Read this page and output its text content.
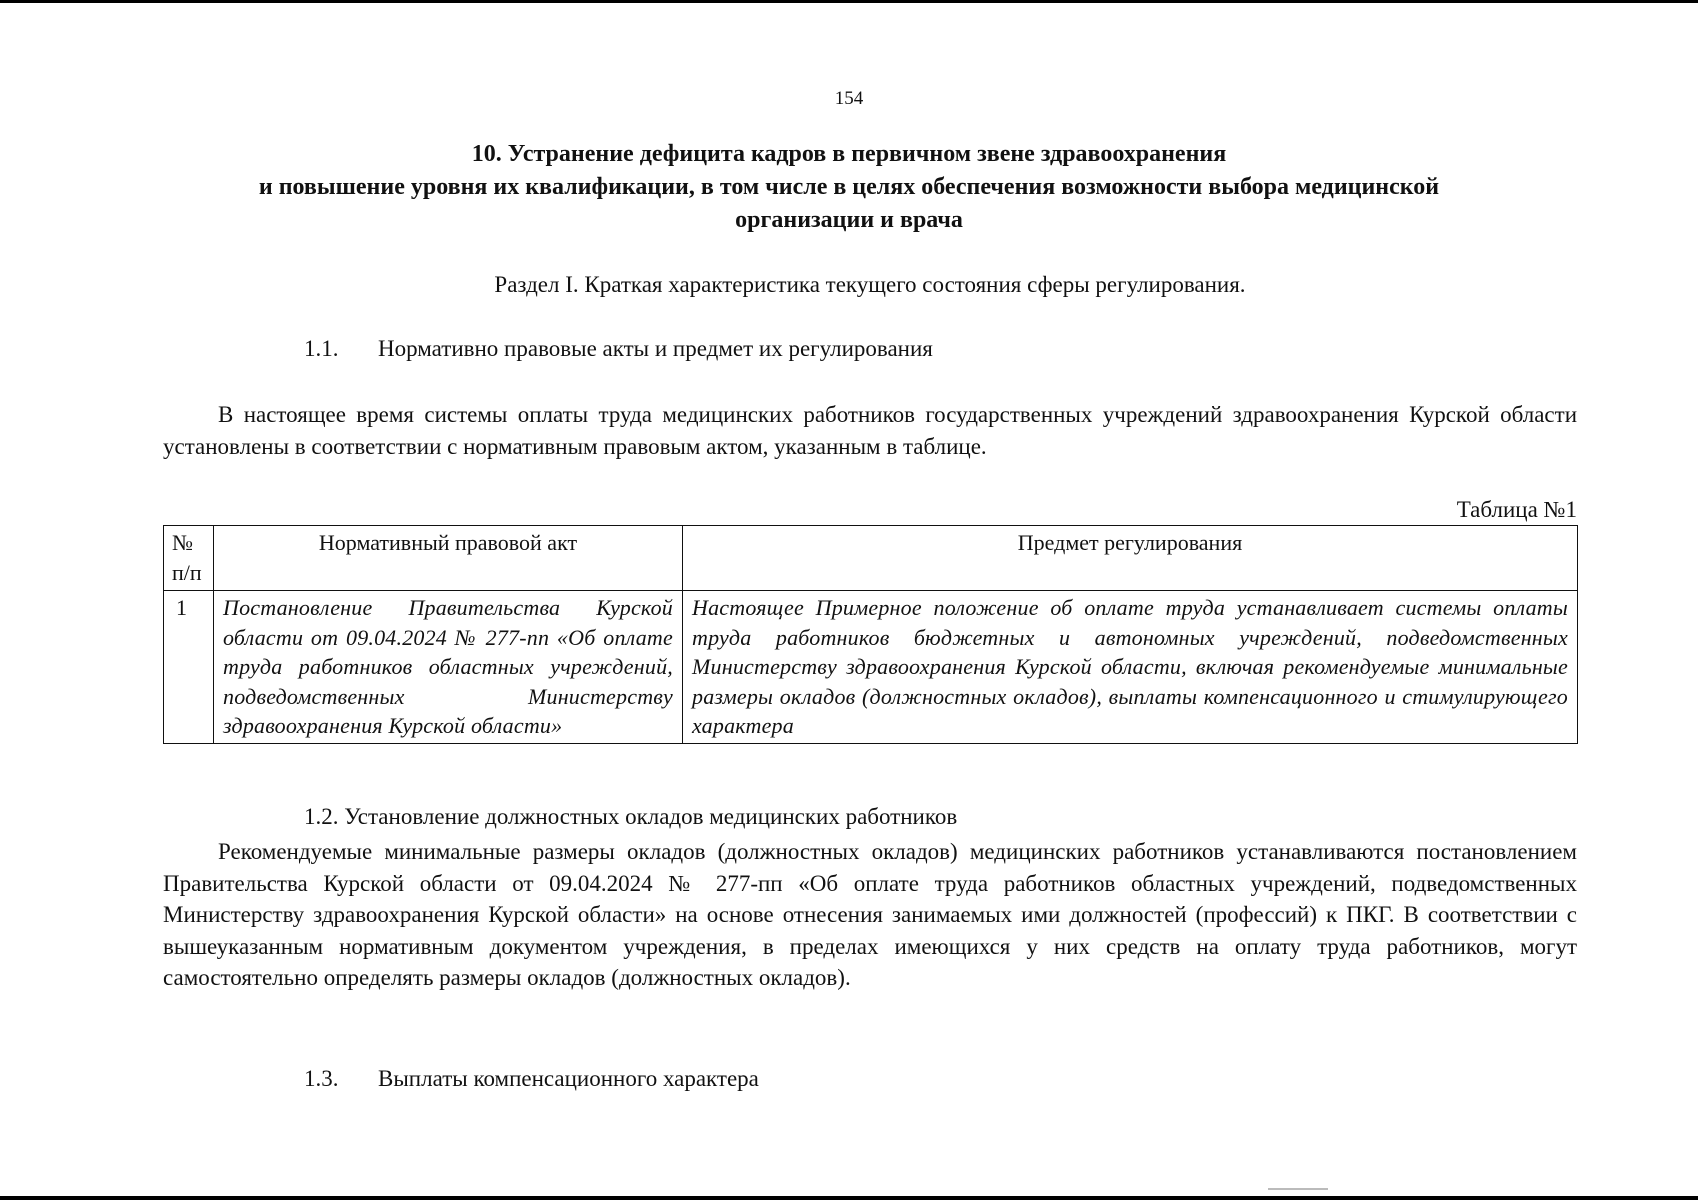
154
10. Устранение дефицита кадров в первичном звене здравоохранения
и повышение уровня их квалификации, в том числе в целях обеспечения возможности выбора медицинской
организации и врача
Раздел I. Краткая характеристика текущего состояния сферы регулирования.
1.1. Нормативно правовые акты и предмет их регулирования
В настоящее время системы оплаты труда медицинских работников государственных учреждений здравоохранения Курской области установлены в соответствии с нормативным правовым актом, указанным в таблице.
Таблица №1
№ п/п	Нормативный правовой акт	Предмет регулирования
1	Постановление Правительства Курской области от 09.04.2024 № 277-пп «Об оплате труда работников областных учреждений, подведомственных Министерству здравоохранения Курской области»	Настоящее Примерное положение об оплате труда устанавливает системы оплаты труда работников бюджетных и автономных учреждений, подведомственных Министерству здравоохранения Курской области, включая рекомендуемые минимальные размеры окладов (должностных окладов), выплаты компенсационного и стимулирующего характера
1.2. Установление должностных окладов медицинских работников
Рекомендуемые минимальные размеры окладов (должностных окладов) медицинских работников устанавливаются постановлением Правительства Курской области от 09.04.2024 № 277-пп «Об оплате труда работников областных учреждений, подведомственных Министерству здравоохранения Курской области» на основе отнесения занимаемых ими должностей (профессий) к ПКГ. В соответствии с вышеуказанным нормативным документом учреждения, в пределах имеющихся у них средств на оплату труда работников, могут самостоятельно определять размеры окладов (должностных окладов).
1.3. Выплаты компенсационного характера
